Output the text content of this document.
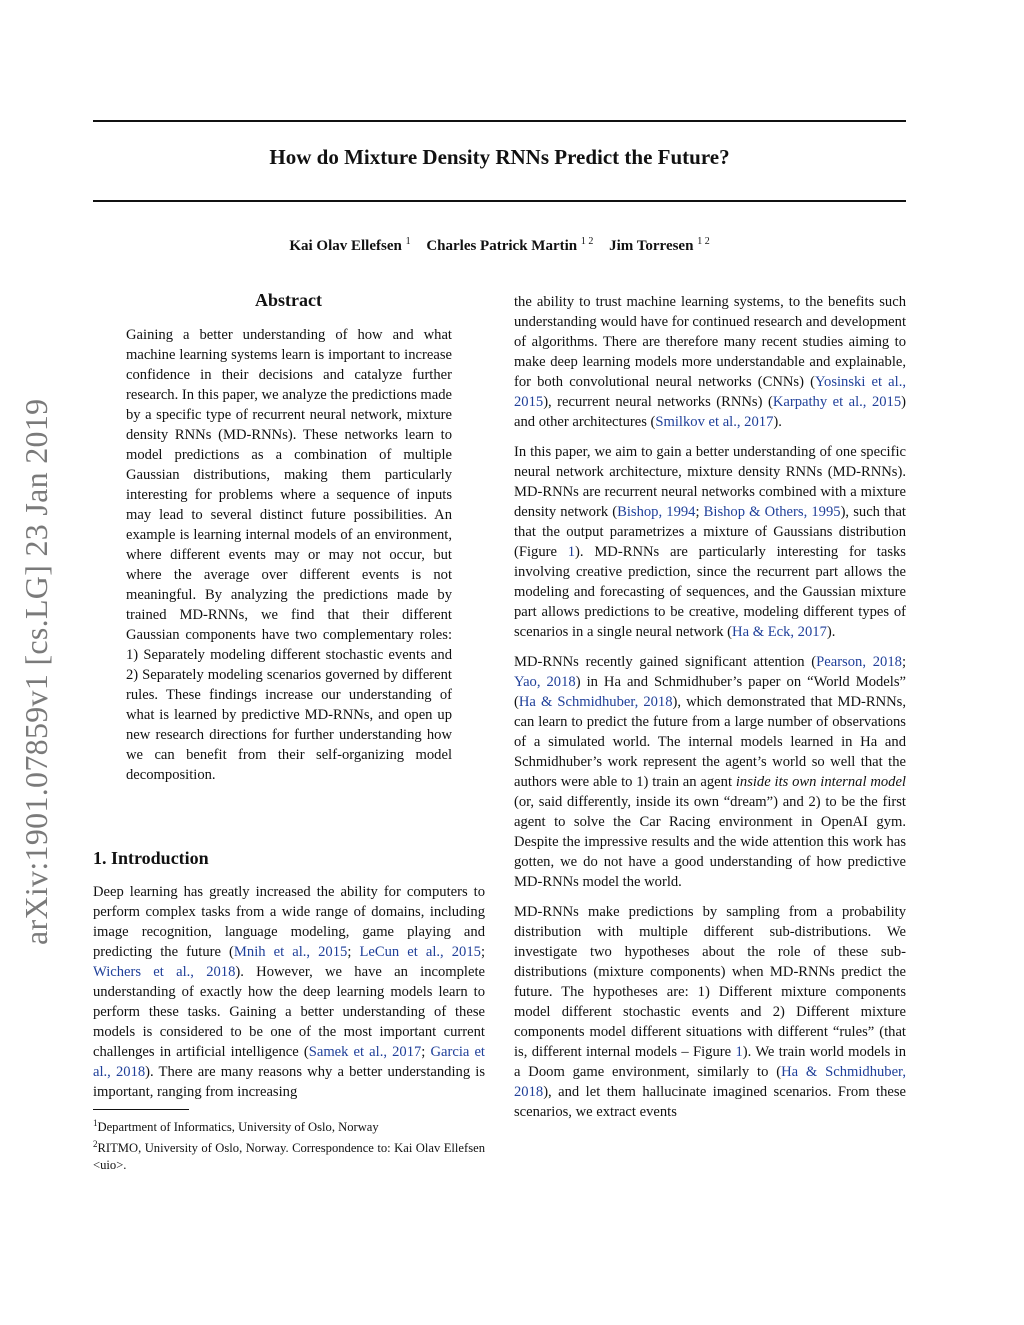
How do Mixture Density RNNs Predict the Future?
Kai Olav Ellefsen $^1$ Charles Patrick Martin $^{1 2}$ Jim Torresen $^{1 2}$
arXiv:1901.07859v1 [cs.LG] 23 Jan 2019
Abstract
Gaining a better understanding of how and what machine learning systems learn is important to increase confidence in their decisions and catalyze further research. In this paper, we analyze the predictions made by a specific type of recurrent neural network, mixture density RNNs (MD-RNNs). These networks learn to model predictions as a combination of multiple Gaussian distributions, making them particularly interesting for problems where a sequence of inputs may lead to several distinct future possibilities. An example is learning internal models of an environment, where different events may or may not occur, but where the average over different events is not meaningful. By analyzing the predictions made by trained MD-RNNs, we find that their different Gaussian components have two complementary roles: 1) Separately modeling different stochastic events and 2) Separately modeling scenarios governed by different rules. These findings increase our understanding of what is learned by predictive MD-RNNs, and open up new research directions for further understanding how we can benefit from their self-organizing model decomposition.
1. Introduction
Deep learning has greatly increased the ability for computers to perform complex tasks from a wide range of domains, including image recognition, language modeling, game playing and predicting the future (Mnih et al., 2015; LeCun et al., 2015; Wichers et al., 2018). However, we have an incomplete understanding of exactly how the deep learning models learn to perform these tasks. Gaining a better understanding of these models is considered to be one of the most important current challenges in artificial intelligence (Samek et al., 2017; Garcia et al., 2018). There are many reasons why a better understanding is important, ranging from increasing

$^1$Department of Informatics, University of Oslo, Norway

$^2$RITMO, University of Oslo, Norway. Correspondence to: Kai Olav Ellefsen <uio>.

the ability to trust machine learning systems, to the benefits such understanding would have for continued research and development of algorithms. There are therefore many recent studies aiming to make deep learning models more understandable and explainable, for both convolutional neural networks (CNNs) (Yosinski et al., 2015), recurrent neural networks (RNNs) (Karpathy et al., 2015) and other architectures (Smilkov et al., 2017).

In this paper, we aim to gain a better understanding of one specific neural network architecture, mixture density RNNs (MD-RNNs). MD-RNNs are recurrent neural networks combined with a mixture density network (Bishop, 1994; Bishop & Others, 1995), such that that the output parametrizes a mixture of Gaussians distribution (Figure 1). MD-RNNs are particularly interesting for tasks involving creative prediction, since the recurrent part allows the modeling and forecasting of sequences, and the Gaussian mixture part allows predictions to be creative, modeling different types of scenarios in a single neural network (Ha & Eck, 2017).

MD-RNNs recently gained significant attention (Pearson, 2018; Yao, 2018) in Ha and Schmidhuber’s paper on “World Models” (Ha & Schmidhuber, 2018), which demonstrated that MD-RNNs, can learn to predict the future from a large number of observations of a simulated world. The internal models learned in Ha and Schmidhuber’s work represent the agent’s world so well that the authors were able to 1) train an agent inside its own internal model (or, said differently, inside its own “dream”) and 2) to be the first agent to solve the Car Racing environment in OpenAI gym. Despite the impressive results and the wide attention this work has gotten, we do not have a good understanding of how predictive MD-RNNs model the world.

MD-RNNs make predictions by sampling from a probability distribution with multiple different sub-distributions. We investigate two hypotheses about the role of these sub-distributions (mixture components) when MD-RNNs predict the future. The hypotheses are: 1) Different mixture components model different stochastic events and 2) Different mixture components model different situations with different “rules” (that is, different internal models – Figure 1). We train world models in a Doom game environment, similarly to (Ha & Schmidhuber, 2018), and let them hallucinate imagined scenarios. From these scenarios, we extract events
